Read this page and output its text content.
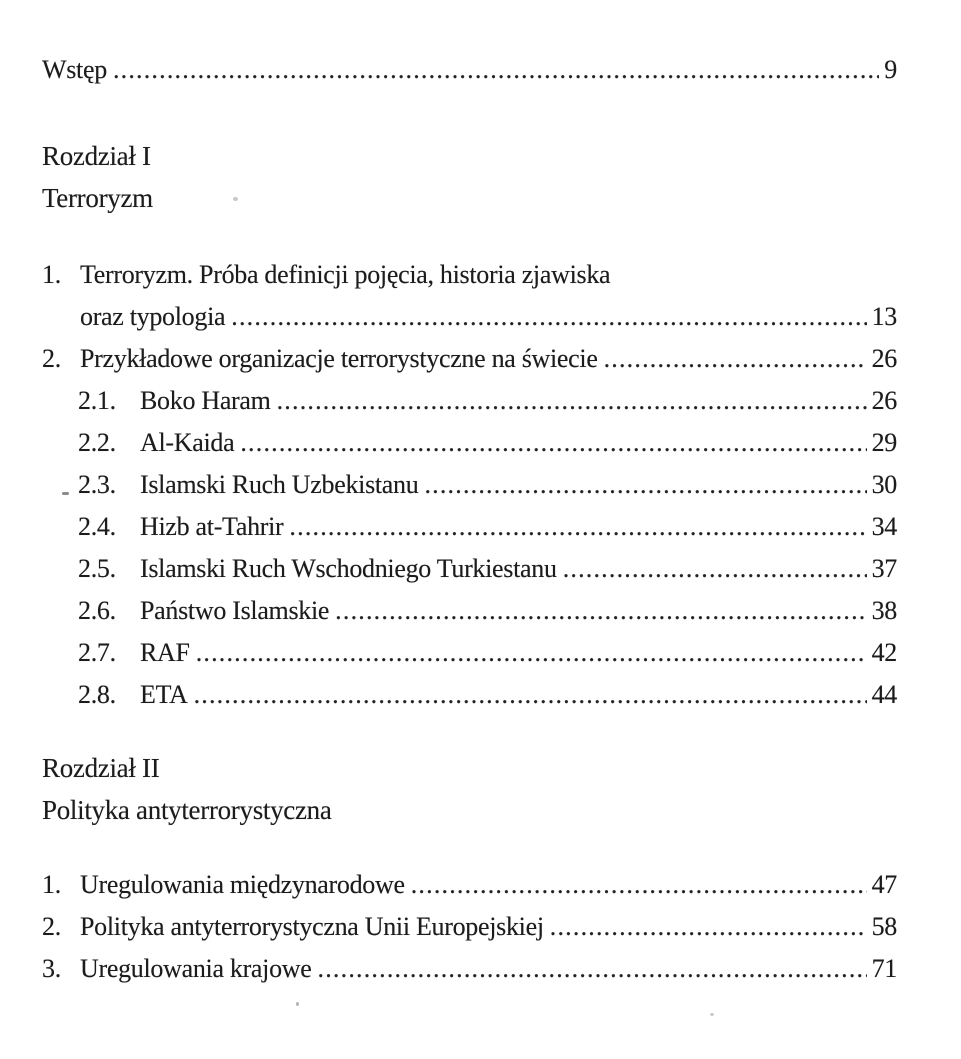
Wstęp .....	9
Rozdział I
Terroryzm
1. Terroryzm. Próba definicji pojęcia, historia zjawiska
oraz typologia .....	13
2. Przykładowe organizacje terrorystyczne na świecie .....	26
2.1. Boko Haram .....	26
2.2. Al-Kaida .....	29
2.3. Islamski Ruch Uzbekistanu .....	30
2.4. Hizb at-Tahrir .....	34
2.5. Islamski Ruch Wschodniego Turkiestanu .....	37
2.6. Państwo Islamskie .....	38
2.7. RAF .....	42
2.8. ETA .....	44
Rozdział II
Polityka antyterrorystyczna
1. Uregulowania międzynarodowe .....	47
2. Polityka antyterrorystyczna Unii Europejskiej .....	58
3. Uregulowania krajowe .....	71
